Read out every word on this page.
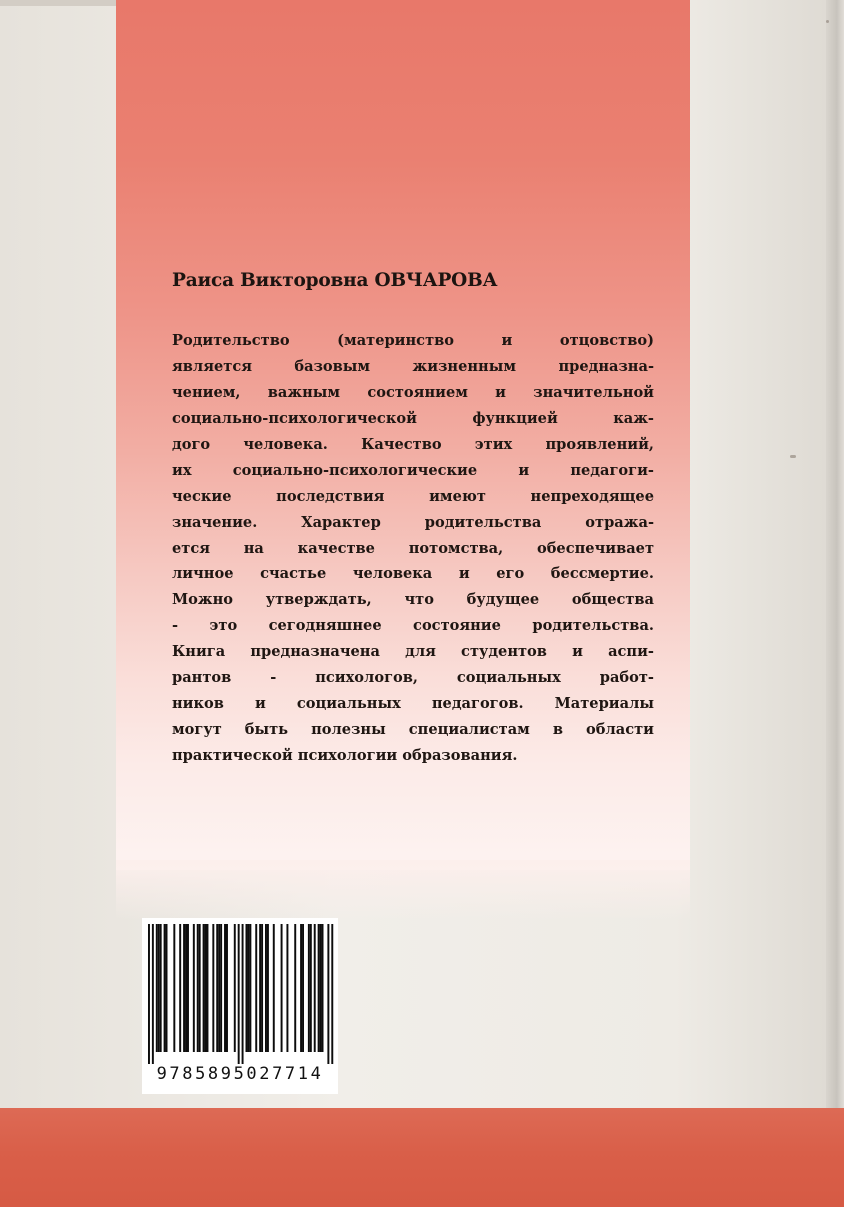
Раиса Викторовна ОВЧАРОВА
Родительство (материнство и отцовство)
является базовым жизненным предназна-
чением, важным состоянием и значительной
социально-психологической функцией каж-
дого человека. Качество этих проявлений,
их социально-психологические и педагоги-
ческие последствия имеют непреходящее
значение. Характер родительства отража-
ется на качестве потомства, обеспечивает
личное счастье человека и его бессмертие.
Можно утверждать, что будущее общества
- это сегодняшнее состояние родительства.
Книга предназначена для студентов и аспи-
рантов - психологов, социальных работ-
ников и социальных педагогов. Материалы
могут быть полезны специалистам в области
практической психологии образования.
9785895027714
